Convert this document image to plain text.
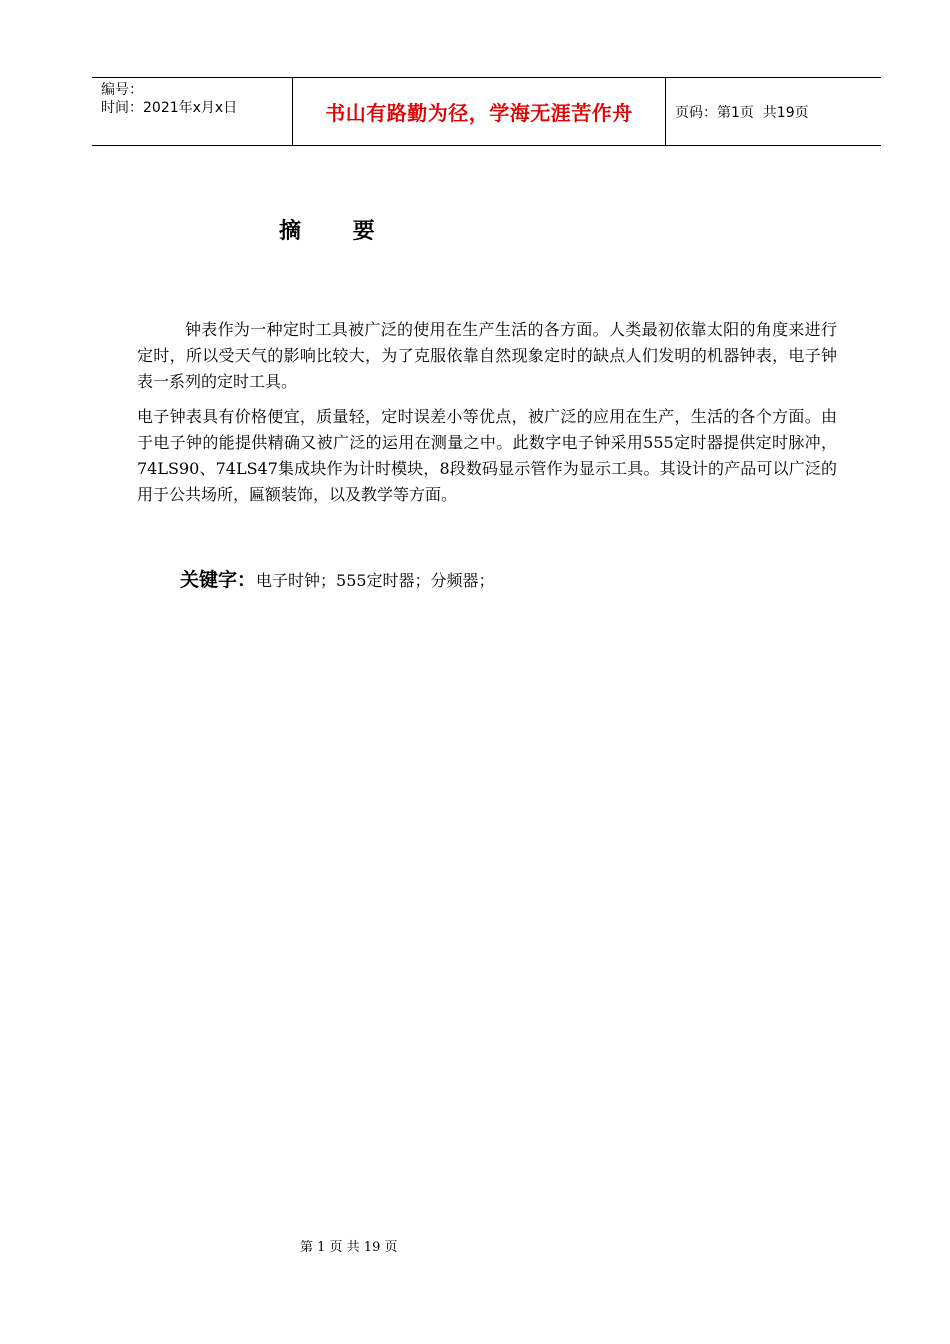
编号：
时间：2021年x月x日	书山有路勤为径，学海无涯苦作舟	页码：第1页  共19页
摘 要
钟表作为一种定时工具被广泛的使用在生产生活的各方面。人类最初依靠太阳的角度来进行定时，所以受天气的影响比较大，为了克服依靠自然现象定时的缺点人们发明的机器钟表，电子钟表一系列的定时工具。
电子钟表具有价格便宜，质量轻，定时误差小等优点，被广泛的应用在生产，生活的各个方面。由于电子钟的能提供精确又被广泛的运用在测量之中。此数字电子钟采用555定时器提供定时脉冲，74LS90、74LS47集成块作为计时模块，8段数码显示管作为显示工具。其设计的产品可以广泛的用于公共场所，匾额装饰，以及教学等方面。
关键字：电子时钟；555定时器；分频器；
第 1 页 共 19 页
